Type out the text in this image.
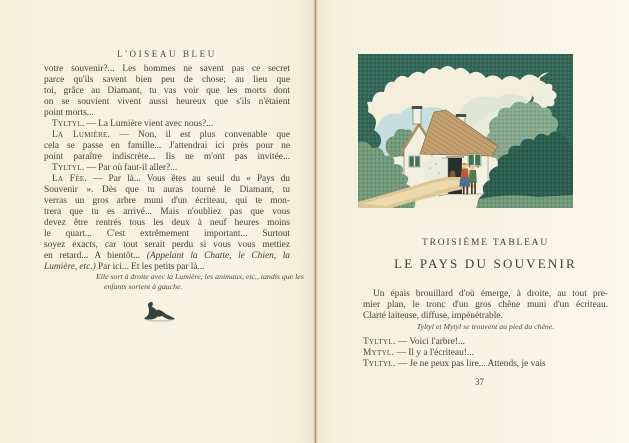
L'OISEAU BLEU
votre souvenir?... Les hommes ne savent pas ce secret
parce qu'ils savent bien peu de chose; au lieu que
toi, grâce au Diamant, tu vas voir que les morts dont
on se souvient vivent aussi heureux que s'ils n'étaient
point morts...
Tyltyl. — La Lumière vient avec nous?...
La Lumière. — Non, il est plus convenable que
cela se passe en famille... J'attendrai ici près pour ne
point paraître indiscrète... Ils ne m'ont pas invitée...
Tyltyl. — Par où faut-il aller?...
La Fée. — Par là... Vous êtes au seuil du « Pays du
Souvenir ». Dès que tu auras tourné le Diamant, tu
verras un gros arbre muni d'un écriteau, qui te mon-
trera que tu es arrivé... Mais n'oubliez pas que vous
devez être rentrés tous les deux à neuf heures moins
le quart... C'est extrêmement important... Surtout
soyez exacts, car tout serait perdu si vous vous mettiez
en retard... A bientôt... (Appelant la Chatte, le Chien, la
Lumière, etc.) Par ici... Et les petits par là...
Elle sort à droite avec la Lumière, les animaux, etc., tandis que les enfants sortent à gauche.
TROISIÈME TABLEAU
LE PAYS DU SOUVENIR
Un épais brouillard d'où émerge, à droite, au tout pre-
mier plan, le tronc d'un gros chêne muni d'un écriteau.
Clarté laiteuse, diffuse, impénétrable.
Tyltyl et Mytyl se trouvent au pied du chêne.
Tyltyl. — Voici l'arbre!...
Mytyl. — Il y a l'écriteau!...
Tyltyl. — Je ne peux pas lire... Attends, je vais
37
